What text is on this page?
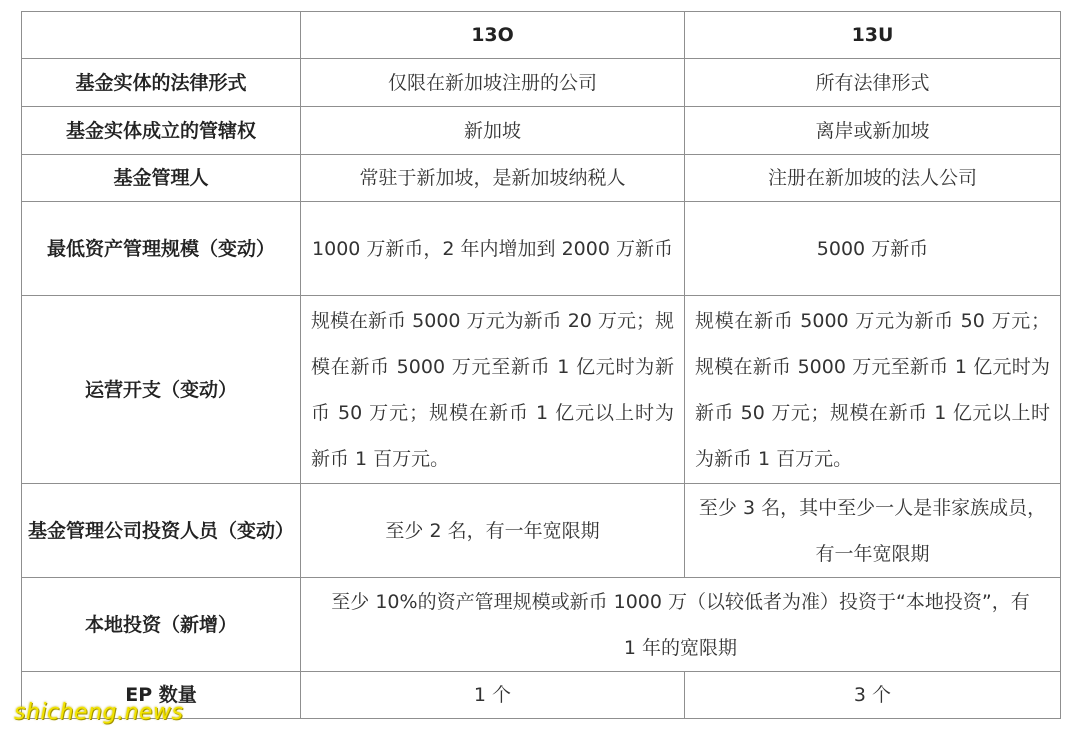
	13O	13U
基金实体的法律形式	仅限在新加坡注册的公司	所有法律形式
基金实体成立的管辖权	新加坡	离岸或新加坡
基金管理人	常驻于新加坡，是新加坡纳税人	注册在新加坡的法人公司
最低资产管理规模（变动）	1000 万新币，2 年内增加到 2000 万新币	5000 万新币
运营开支（变动）	规模在新币 5000 万元为新币 20 万元；规模在新币 5000 万元至新币 1 亿元时为新币 50 万元；规模在新币 1 亿元以上时为新币 1 百万元。	规模在新币 5000 万元为新币 50 万元；规模在新币 5000 万元至新币 1 亿元时为新币 50 万元；规模在新币 1 亿元以上时为新币 1 百万元。
基金管理公司投资人员（变动）	至少 2 名，有一年宽限期	至少 3 名，其中至少一人是非家族成员，有一年宽限期
本地投资（新增）	至少 10%的资产管理规模或新币 1000 万（以较低者为准）投资于“本地投资”，有 1 年的宽限期	
EP 数量	1 个	3 个
shicheng.news
